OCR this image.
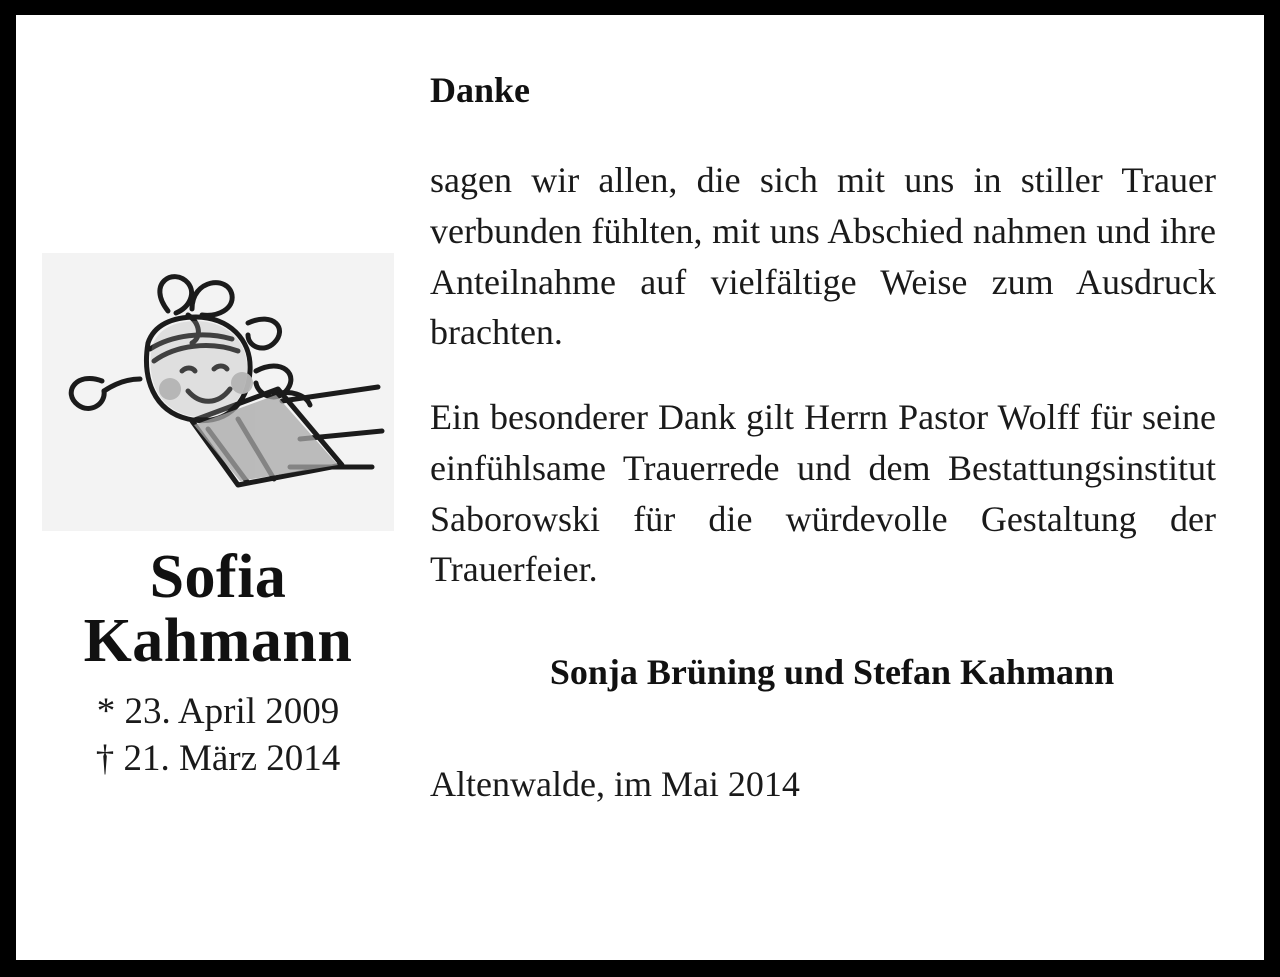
Sofia
Kahmann
* 23. April 2009
† 21. März 2014
Danke

sagen wir allen, die sich mit uns in stiller Trauer verbunden fühlten, mit uns Abschied nahmen und ihre Anteilnahme auf vielfältige Weise zum Ausdruck brachten.

Ein besonderer Dank gilt Herrn Pastor Wolff für seine einfühlsame Trauerrede und dem Bestattungsinstitut Saborowski für die würdevolle Gestaltung der Trauerfeier.

Sonja Brüning und Stefan Kahmann

Altenwalde, im Mai 2014
